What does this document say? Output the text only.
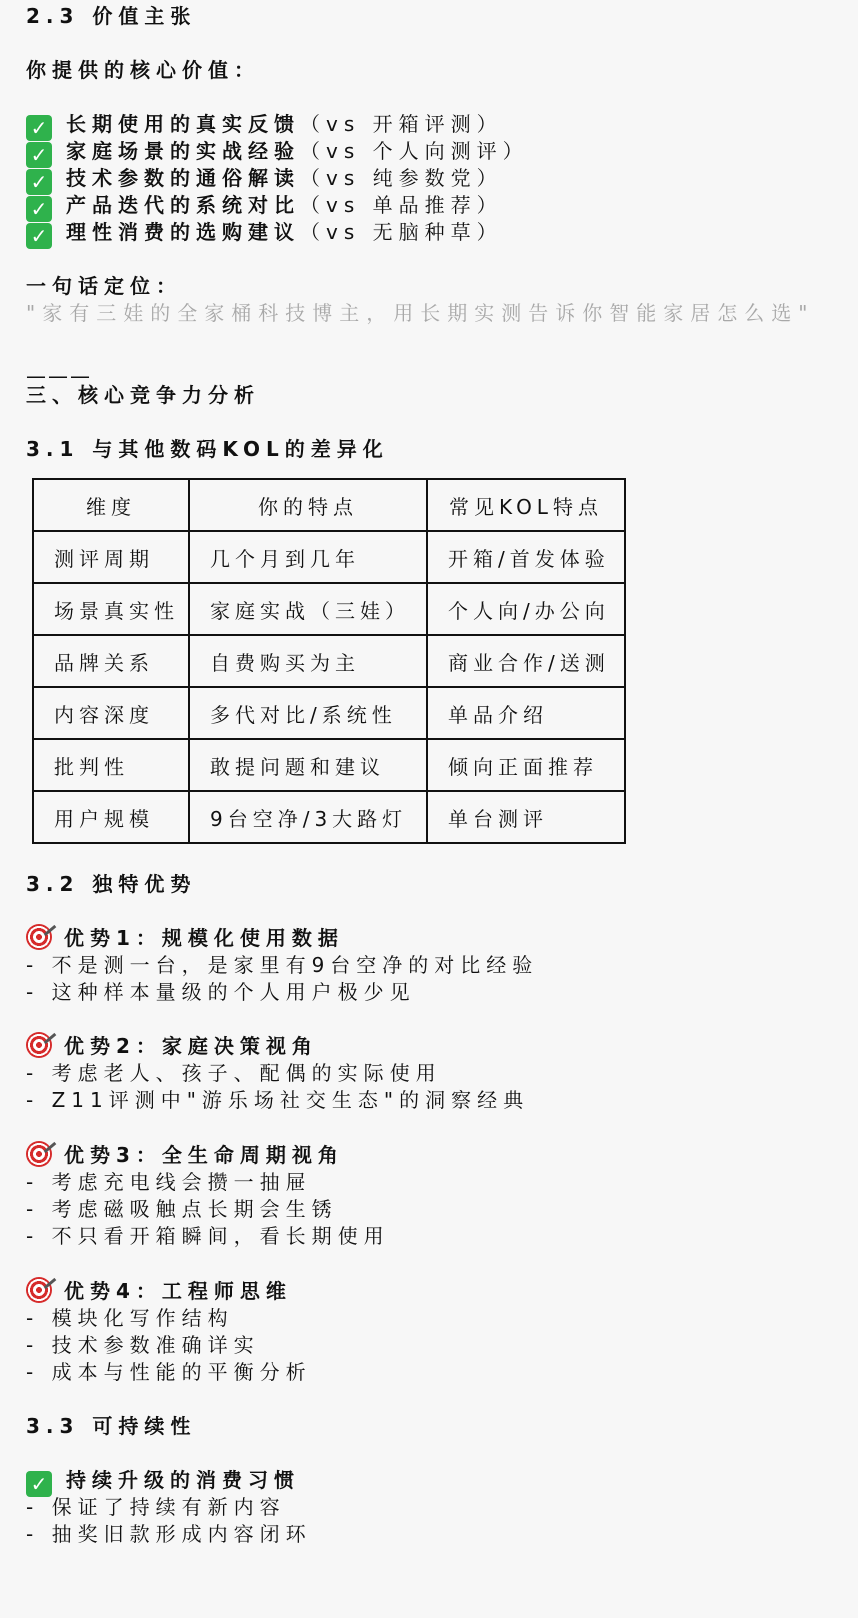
2.3 价值主张
你提供的核心价值：
✓ 长期使用的真实反馈（vs 开箱评测）
✓ 家庭场景的实战经验（vs 个人向测评）
✓ 技术参数的通俗解读（vs 纯参数党）
✓ 产品迭代的系统对比（vs 单品推荐）
✓ 理性消费的选购建议（vs 无脑种草）
一句话定位：
"家有三娃的全家桶科技博主，用长期实测告诉你智能家居怎么选"
———
三、核心竞争力分析
3.1 与其他数码KOL的差异化
维度	你的特点	常见KOL特点
测评周期	几个月到几年	开箱/首发体验
场景真实性	家庭实战（三娃）	个人向/办公向
品牌关系	自费购买为主	商业合作/送测
内容深度	多代对比/系统性	单品介绍
批判性	敢提问题和建议	倾向正面推荐
用户规模	9台空净/3大路灯	单台测评
3.2 独特优势
优势1：规模化使用数据
- 不是测一台，是家里有9台空净的对比经验
- 这种样本量级的个人用户极少见
优势2：家庭决策视角
- 考虑老人、孩子、配偶的实际使用
- Z11评测中"游乐场社交生态"的洞察经典
优势3：全生命周期视角
- 考虑充电线会攒一抽屉
- 考虑磁吸触点长期会生锈
- 不只看开箱瞬间，看长期使用
优势4：工程师思维
- 模块化写作结构
- 技术参数准确详实
- 成本与性能的平衡分析
3.3 可持续性
✓ 持续升级的消费习惯
- 保证了持续有新内容
- 抽奖旧款形成内容闭环
